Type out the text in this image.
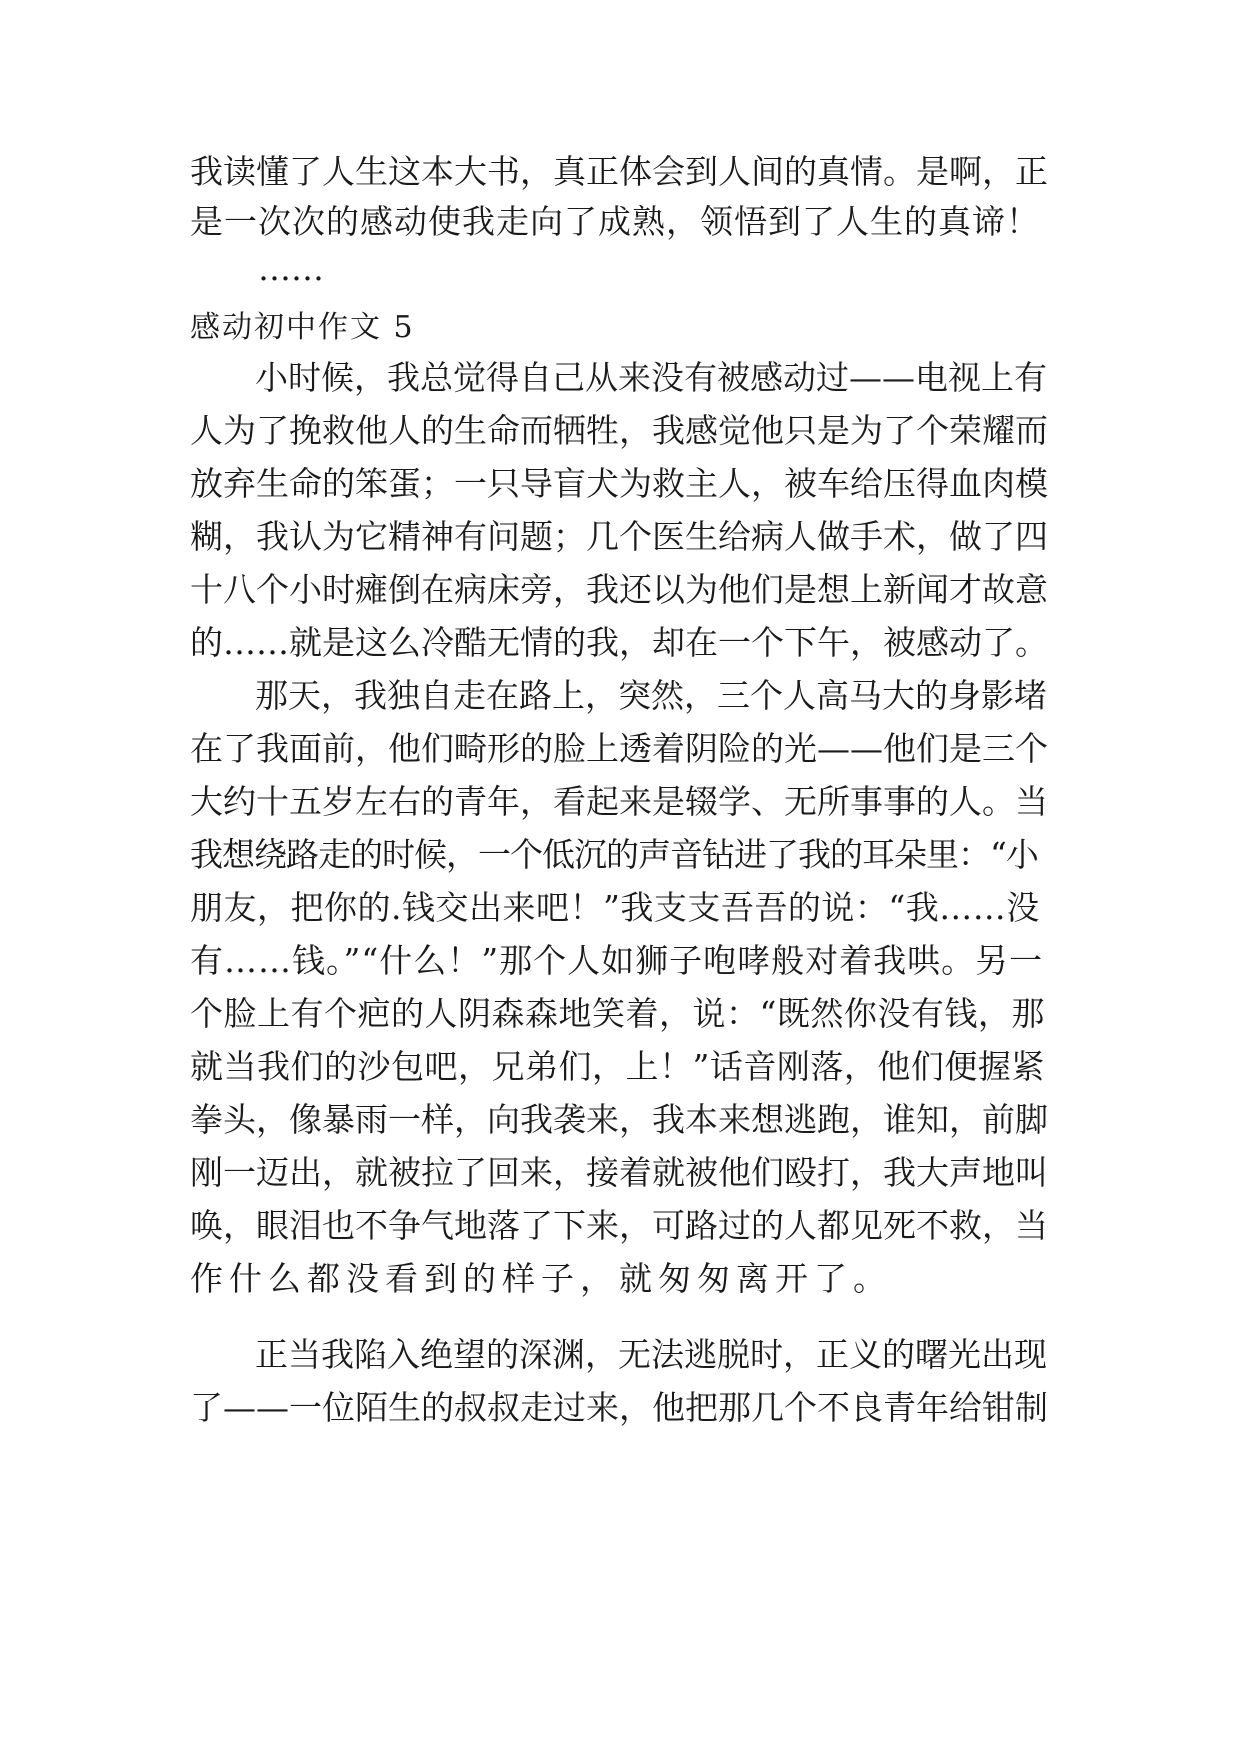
我读懂了人生这本大书，真正体会到人间的真情。是啊，正
是一次次的感动使我走向了成熟，领悟到了人生的真谛！
……
感动初中作文 5
小时候，我总觉得自己从来没有被感动过——电视上有
人为了挽救他人的生命而牺牲，我感觉他只是为了个荣耀而
放弃生命的笨蛋；一只导盲犬为救主人，被车给压得血肉模
糊，我认为它精神有问题；几个医生给病人做手术，做了四
十八个小时瘫倒在病床旁，我还以为他们是想上新闻才故意
的……就是这么冷酷无情的我，却在一个下午，被感动了。
那天，我独自走在路上，突然，三个人高马大的身影堵
在了我面前，他们畸形的脸上透着阴险的光——他们是三个
大约十五岁左右的青年，看起来是辍学、无所事事的人。当
我想绕路走的时候，一个低沉的声音钻进了我的耳朵里：“小
朋友，把你的.钱交出来吧！”我支支吾吾的说：“我……没
有……钱。”“什么！”那个人如狮子咆哮般对着我哄。另一
个脸上有个疤的人阴森森地笑着，说：“既然你没有钱，那
就当我们的沙包吧，兄弟们，上！”话音刚落，他们便握紧
拳头，像暴雨一样，向我袭来，我本来想逃跑，谁知，前脚
刚一迈出，就被拉了回来，接着就被他们殴打，我大声地叫
唤，眼泪也不争气地落了下来，可路过的人都见死不救，当
作什么都没看到的样子，就匆匆离开了。
正当我陷入绝望的深渊，无法逃脱时，正义的曙光出现
了——一位陌生的叔叔走过来，他把那几个不良青年给钳制
